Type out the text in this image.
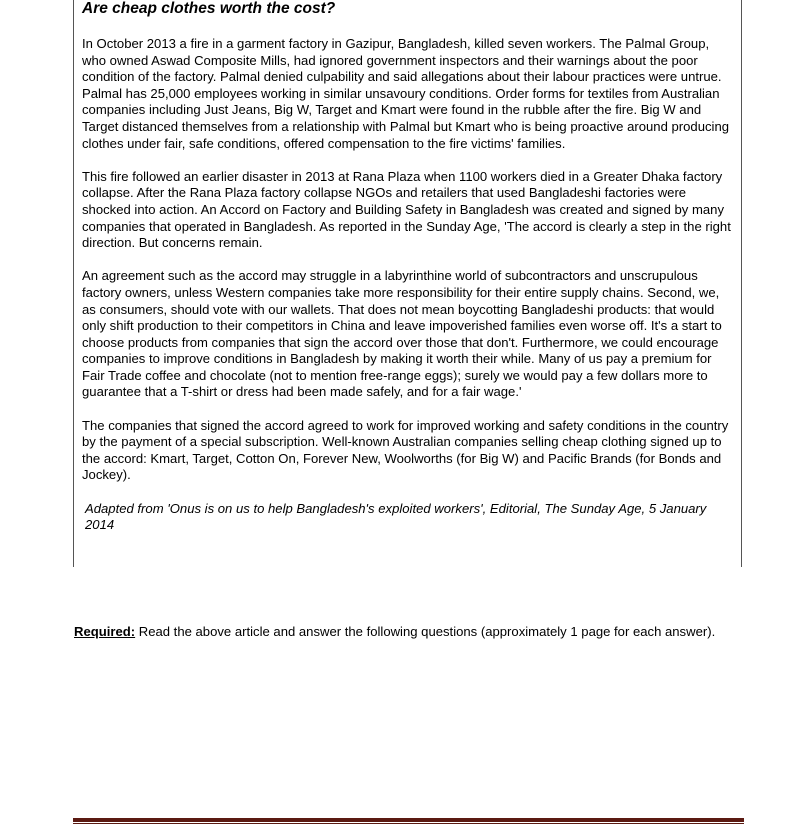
Are cheap clothes worth the cost?

In October 2013 a fire in a garment factory in Gazipur, Bangladesh, killed seven workers. The Palmal Group, who owned Aswad Composite Mills, had ignored government inspectors and their warnings about the poor condition of the factory. Palmal denied culpability and said allegations about their labour practices were untrue. Palmal has 25,000 employees working in similar unsavoury conditions. Order forms for textiles from Australian companies including Just Jeans, Big W, Target and Kmart were found in the rubble after the fire. Big W and Target distanced themselves from a relationship with Palmal but Kmart who is being proactive around producing clothes under fair, safe conditions, offered compensation to the fire victims' families.

This fire followed an earlier disaster in 2013 at Rana Plaza when 1100 workers died in a Greater Dhaka factory collapse. After the Rana Plaza factory collapse NGOs and retailers that used Bangladeshi factories were shocked into action. An Accord on Factory and Building Safety in Bangladesh was created and signed by many companies that operated in Bangladesh. As reported in the Sunday Age, 'The accord is clearly a step in the right direction. But concerns remain.

An agreement such as the accord may struggle in a labyrinthine world of subcontractors and unscrupulous factory owners, unless Western companies take more responsibility for their entire supply chains. Second, we, as consumers, should vote with our wallets. That does not mean boycotting Bangladeshi products: that would only shift production to their competitors in China and leave impoverished families even worse off. It's a start to choose products from companies that sign the accord over those that don't. Furthermore, we could encourage companies to improve conditions in Bangladesh by making it worth their while. Many of us pay a premium for Fair Trade coffee and chocolate (not to mention free-range eggs); surely we would pay a few dollars more to guarantee that a T-shirt or dress had been made safely, and for a fair wage.'

The companies that signed the accord agreed to work for improved working and safety conditions in the country by the payment of a special subscription. Well-known Australian companies selling cheap clothing signed up to the accord: Kmart, Target, Cotton On, Forever New, Woolworths (for Big W) and Pacific Brands (for Bonds and Jockey).

Adapted from 'Onus is on us to help Bangladesh's exploited workers', Editorial, The Sunday Age, 5 January 2014

Required: Read the above article and answer the following questions (approximately 1 page for each answer).
